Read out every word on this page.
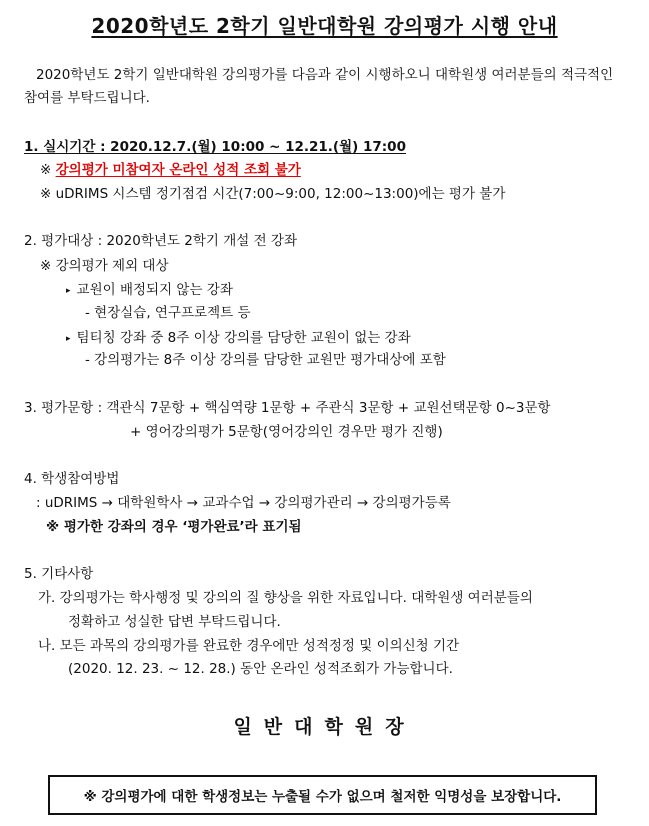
2020학년도 2학기 일반대학원 강의평가 시행 안내
2020학년도 2학기 일반대학원 강의평가를 다음과 같이 시행하오니 대학원생 여러분들의 적극적인 참여를 부탁드립니다.
1. 실시기간 : 2020.12.7.(월) 10:00 ~ 12.21.(월) 17:00
※ 강의평가 미참여자 온라인 성적 조회 불가
※ uDRIMS 시스템 정기점검 시간(7:00~9:00, 12:00~13:00)에는 평가 불가
2. 평가대상 : 2020학년도 2학기 개설 전 강좌
※ 강의평가 제외 대상
▸ 교원이 배정되지 않는 강좌
- 현장실습, 연구프로젝트 등
▸ 팀티칭 강좌 중 8주 이상 강의를 담당한 교원이 없는 강좌
- 강의평가는 8주 이상 강의를 담당한 교원만 평가대상에 포함
3. 평가문항 : 객관식 7문항 + 핵심역량 1문항 + 주관식 3문항 + 교원선택문항 0~3문항
+ 영어강의평가 5문항(영어강의인 경우만 평가 진행)
4. 학생참여방법
: uDRIMS → 대학원학사 → 교과수업 → 강의평가관리 → 강의평가등록
※ 평가한 강좌의 경우 ‘평가완료’라 표기됨
5. 기타사항
가. 강의평가는 학사행정 및 강의의 질 향상을 위한 자료입니다. 대학원생 여러분들의
정확하고 성실한 답변 부탁드립니다.
나. 모든 과목의 강의평가를 완료한 경우에만 성적정정 및 이의신청 기간
(2020. 12. 23. ~ 12. 28.) 동안 온라인 성적조회가 가능합니다.
일반대학원장
※ 강의평가에 대한 학생정보는 누출될 수가 없으며 철저한 익명성을 보장합니다.
